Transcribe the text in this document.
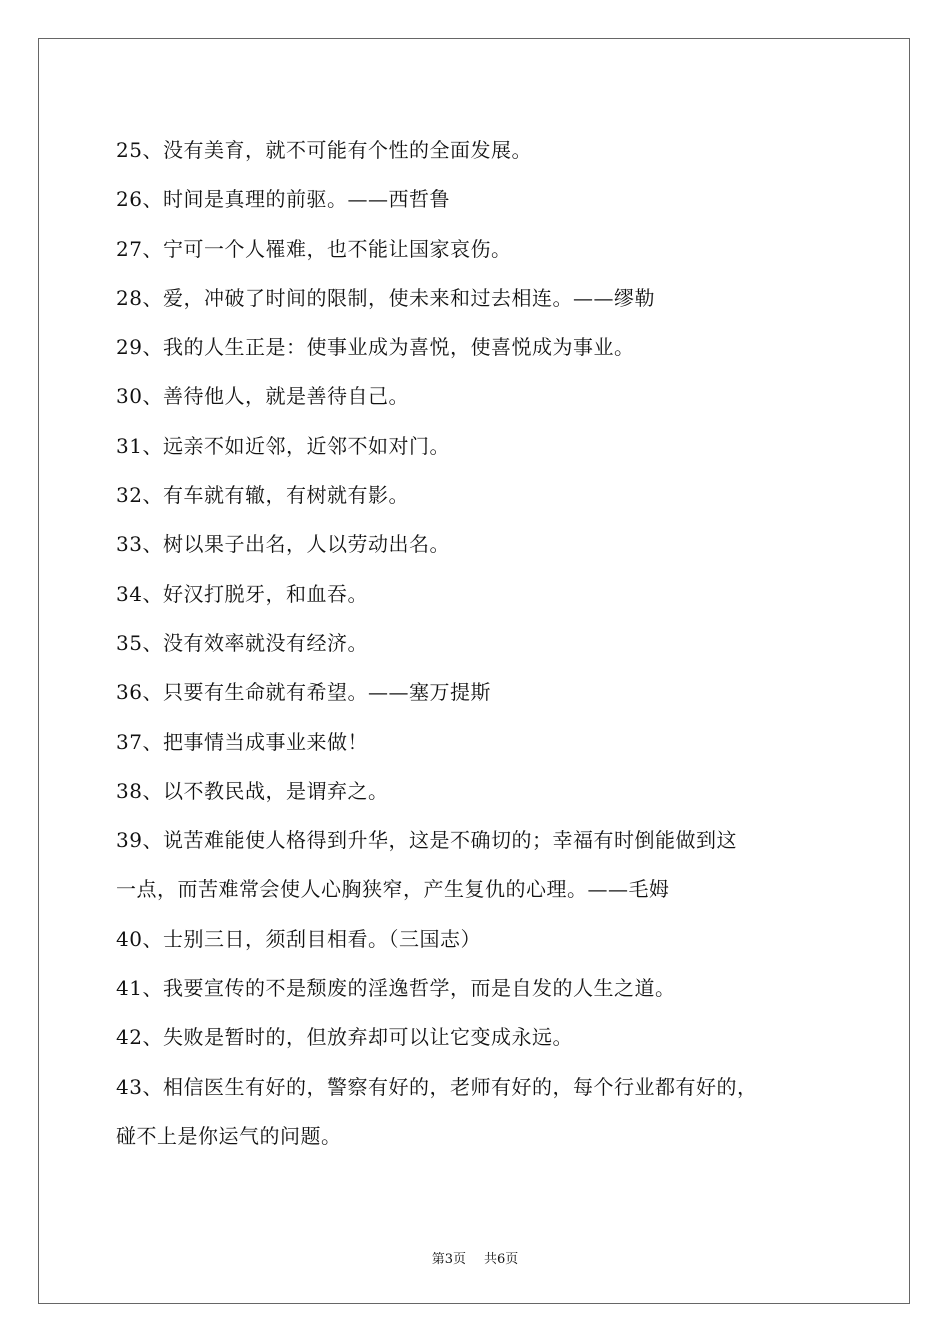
25、没有美育，就不可能有个性的全面发展。
26、时间是真理的前驱。——西哲鲁
27、宁可一个人罹难，也不能让国家哀伤。
28、爱，冲破了时间的限制，使未来和过去相连。——缪勒
29、我的人生正是：使事业成为喜悦，使喜悦成为事业。
30、善待他人，就是善待自己。
31、远亲不如近邻，近邻不如对门。
32、有车就有辙，有树就有影。
33、树以果子出名，人以劳动出名。
34、好汉打脱牙，和血吞。
35、没有效率就没有经济。
36、只要有生命就有希望。——塞万提斯
37、把事情当成事业来做！
38、以不教民战，是谓弃之。
39、说苦难能使人格得到升华，这是不确切的；幸福有时倒能做到这
一点，而苦难常会使人心胸狭窄，产生复仇的心理。——毛姆
40、士别三日，须刮目相看。（三国志）
41、我要宣传的不是颓废的淫逸哲学，而是自发的人生之道。
42、失败是暂时的，但放弃却可以让它变成永远。
43、相信医生有好的，警察有好的，老师有好的，每个行业都有好的，
碰不上是你运气的问题。
第3页 共6页
